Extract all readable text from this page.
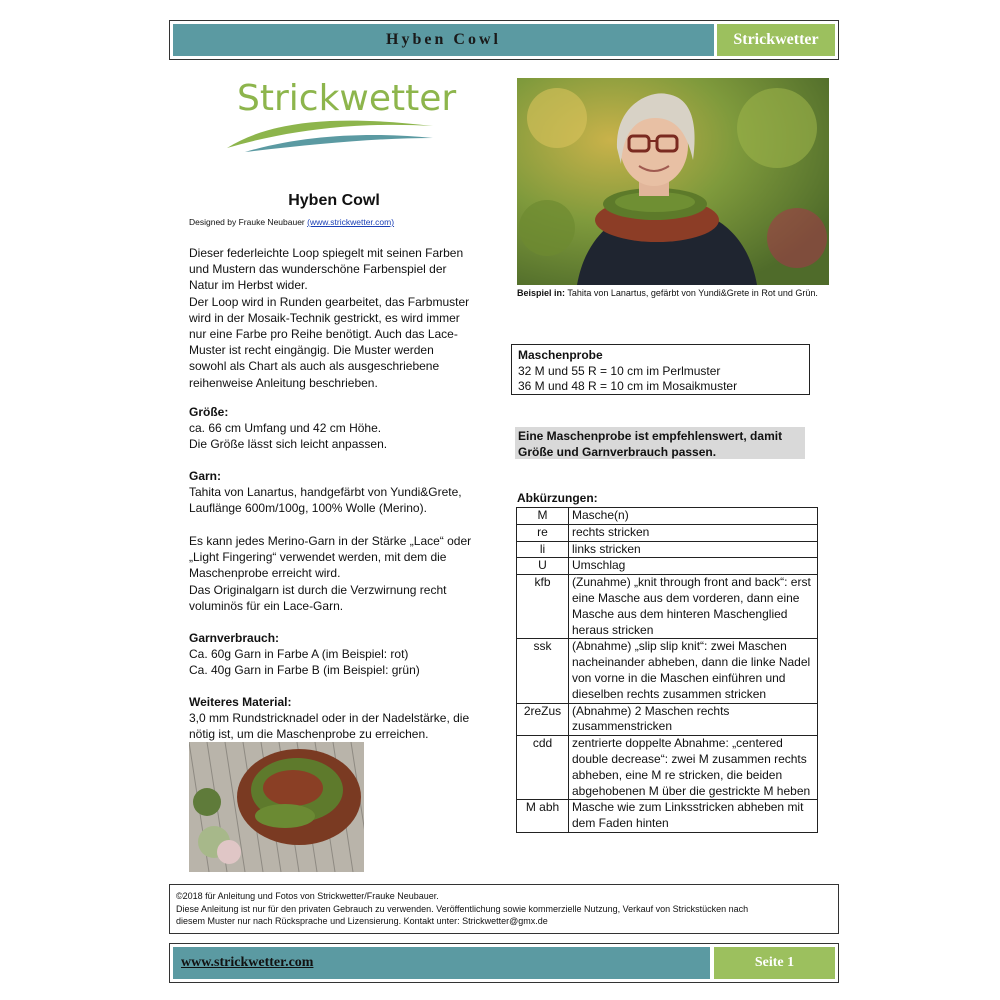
Hyben Cowl	Strickwetter
Strickwetter
Hyben Cowl
Designed by Frauke Neubauer (www.strickwetter.com)
Dieser federleichte Loop spiegelt mit seinen Farben
und Mustern das wunderschöne Farbenspiel der
Natur im Herbst wider.
Der Loop wird in Runden gearbeitet, das Farbmuster
wird in der Mosaik-Technik gestrickt, es wird immer
nur eine Farbe pro Reihe benötigt. Auch das Lace-
Muster ist recht eingängig. Die Muster werden
sowohl als Chart als auch als ausgeschriebene
reihenweise Anleitung beschrieben.
Größe:
ca. 66 cm Umfang und 42 cm Höhe.
Die Größe lässt sich leicht anpassen.
Garn:
Tahita von Lanartus, handgefärbt von Yundi&Grete,
Lauflänge 600m/100g, 100% Wolle (Merino).
Es kann jedes Merino-Garn in der Stärke „Lace“ oder
„Light Fingering“ verwendet werden, mit dem die
Maschenprobe erreicht wird.
Das Originalgarn ist durch die Verzwirnung recht
voluminös für ein Lace-Garn.
Garnverbrauch:
Ca. 60g Garn in Farbe A (im Beispiel: rot)
Ca. 40g Garn in Farbe B (im Beispiel: grün)
Weiteres Material:
3,0 mm Rundstricknadel oder in der Nadelstärke, die
nötig ist, um die Maschenprobe zu erreichen.
Beispiel in: Tahita von Lanartus, gefärbt von Yundi&Grete in Rot und Grün.
Maschenprobe
32 M und 55 R = 10 cm im Perlmuster
36 M und 48 R = 10 cm im Mosaikmuster
Eine Maschenprobe ist empfehlenswert, damit
Größe und Garnverbrauch passen.
Abkürzungen:
M	Masche(n)
re	rechts stricken
li	links stricken
U	Umschlag
kfb	(Zunahme) „knit through front and back“: erst eine Masche aus dem vorderen, dann eine Masche aus dem hinteren Maschenglied heraus stricken
ssk	(Abnahme) „slip slip knit“: zwei Maschen nacheinander abheben, dann die linke Nadel von vorne in die Maschen einführen und dieselben rechts zusammen stricken
2reZus	(Abnahme) 2 Maschen rechts zusammenstricken
cdd	zentrierte doppelte Abnahme: „centered double decrease“: zwei M zusammen rechts abheben, eine M re stricken, die beiden abgehobenen M über die gestrickte M heben
M abh	Masche wie zum Linksstricken abheben mit dem Faden hinten
©2018 für Anleitung und Fotos von Strickwetter/Frauke Neubauer.
Diese Anleitung ist nur für den privaten Gebrauch zu verwenden. Veröffentlichung sowie kommerzielle Nutzung, Verkauf von Strickstücken nach
diesem Muster nur nach Rücksprache und Lizensierung. Kontakt unter: Strickwetter@gmx.de
www.strickwetter.com	Seite 1
